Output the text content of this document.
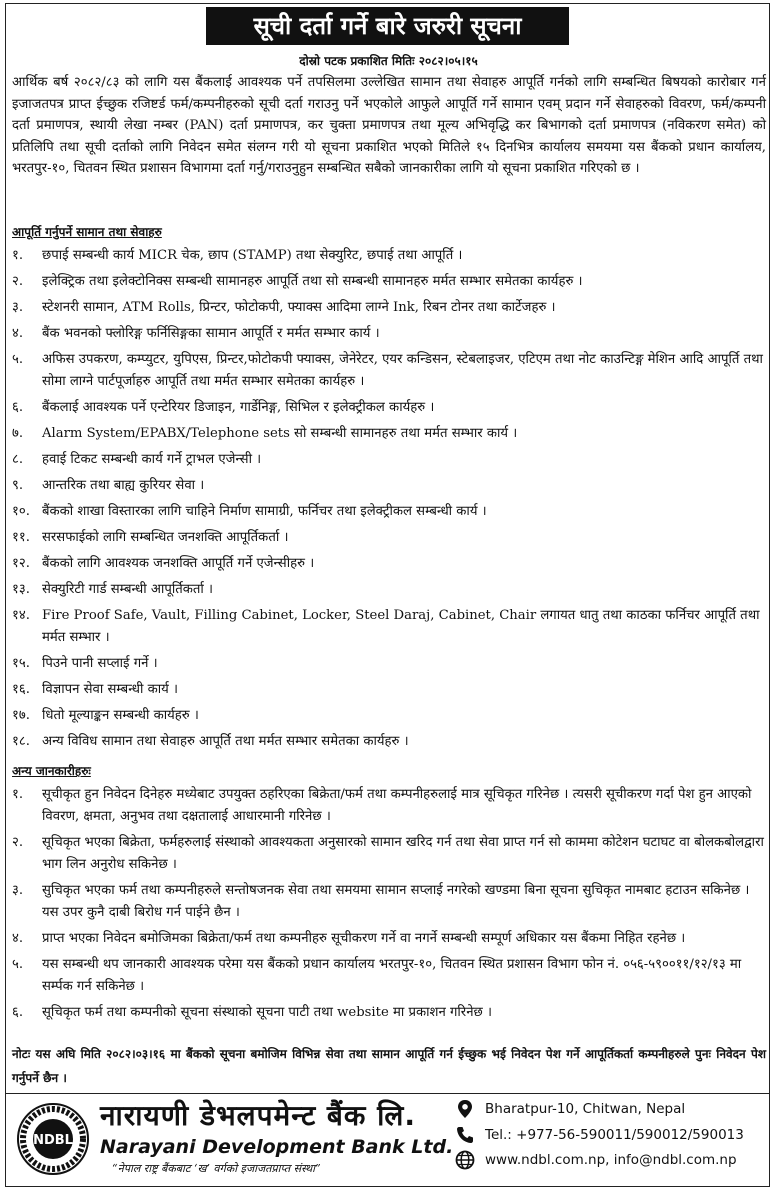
सूची दर्ता गर्ने बारे जरुरी सूचना
दोस्रो पटक प्रकाशित मितिः २०८२।०५।१५
आर्थिक बर्ष २०८२/८३ को लागि यस बैंकलाई आवश्यक पर्ने तपसिलमा उल्लेखित सामान तथा सेवाहरु आपूर्ति गर्नको लागि सम्बन्धित बिषयको कारोबार गर्न इजाजतपत्र प्राप्त ईच्छुक रजिष्टर्ड फर्म/कम्पनीहरुको सूची दर्ता गराउनु पर्ने भएकोले आफुले आपूर्ति गर्ने सामान एवम् प्रदान गर्ने सेवाहरुको विवरण, फर्म/कम्पनी दर्ता प्रमाणपत्र, स्थायी लेखा नम्बर (PAN) दर्ता प्रमाणपत्र, कर चुक्ता प्रमाणपत्र तथा मूल्य अभिवृद्धि कर बिभागको दर्ता प्रमाणपत्र (नविकरण समेत) को प्रतिलिपि तथा सूची दर्ताको लागि निवेदन समेत संलग्न गरी यो सूचना प्रकाशित भएको मितिले १५ दिनभित्र कार्यालय समयमा यस बैंकको प्रधान कार्यालय, भरतपुर-१०, चितवन स्थित प्रशासन विभागमा दर्ता गर्नु/गराउनुहुन सम्बन्धित सबैको जानकारीका लागि यो सूचना प्रकाशित गरिएको छ ।
आपूर्ति गर्नुपर्ने सामान तथा सेवाहरु
१. छपाई सम्बन्धी कार्य MICR चेक, छाप (STAMP) तथा सेक्युरिट, छपाई तथा आपूर्ति ।
२. इलेक्ट्रिक तथा इलेक्टोनिक्स सम्बन्धी सामानहरु आपूर्ति तथा सो सम्बन्धी सामानहरु मर्मत सम्भार समेतका कार्यहरु ।
३. स्टेशनरी सामान, ATM Rolls, प्रिन्टर, फोटोकपी, फ्याक्स आदिमा लाग्ने Ink, रिबन टोनर तथा कार्टेजहरु ।
४. बैंक भवनको फ्लोरिङ्ग फर्निसिङ्गका सामान आपूर्ति र मर्मत सम्भार कार्य ।
५. अफिस उपकरण, कम्प्युटर, युपिएस, प्रिन्टर,फोटोकपी फ्याक्स, जेनेरेटर, एयर कन्डिसन, स्टेबलाइजर, एटिएम तथा नोट काउन्टिङ्ग मेशिन आदि आपूर्ति तथा सोमा लाग्ने पार्टपूर्जाहरु आपूर्ति तथा मर्मत सम्भार समेतका कार्यहरु ।
६. बैंकलाई आवश्यक पर्ने एन्टेरियर डिजाइन, गार्डेनिङ्ग, सिभिल र इलेक्ट्रीकल कार्यहरु ।
७. Alarm System/EPABX/Telephone sets सो सम्बन्धी सामानहरु तथा मर्मत सम्भार कार्य ।
८. हवाई टिकट सम्बन्धी कार्य गर्ने ट्राभल एजेन्सी ।
९. आन्तरिक तथा बाह्य कुरियर सेवा ।
१०. बैंकको शाखा विस्तारका लागि चाहिने निर्माण सामाग्री, फर्निचर तथा इलेक्ट्रीकल सम्बन्धी कार्य ।
११. सरसफाईको लागि सम्बन्धित जनशक्ति आपूर्तिकर्ता ।
१२. बैंकको लागि आवश्यक जनशक्ति आपूर्ति गर्ने एजेन्सीहरु ।
१३. सेक्युरिटी गार्ड सम्बन्धी आपूर्तिकर्ता ।
१४. Fire Proof Safe, Vault, Filling Cabinet, Locker, Steel Daraj, Cabinet, Chair लगायत धातु तथा काठका फर्निचर आपूर्ति तथा मर्मत सम्भार ।
१५. पिउने पानी सप्लाई गर्ने ।
१६. विज्ञापन सेवा सम्बन्धी कार्य ।
१७. धितो मूल्याङ्कन सम्बन्धी कार्यहरु ।
१८. अन्य विविध सामान तथा सेवाहरु आपूर्ति तथा मर्मत सम्भार समेतका कार्यहरु ।
अन्य जानकारीहरुः
१. सूचीकृत हुन निवेदन दिनेहरु मध्येबाट उपयुक्त ठहरिएका बिक्रेता/फर्म तथा कम्पनीहरुलाई मात्र सूचिकृत गरिनेछ । त्यसरी सूचीकरण गर्दा पेश हुन आएको विवरण, क्षमता, अनुभव तथा दक्षतालाई आधारमानी गरिनेछ ।
२. सूचिकृत भएका बिक्रेता, फर्महरुलाई संस्थाको आवश्यकता अनुसारको सामान खरिद गर्न तथा सेवा प्राप्त गर्न सो काममा कोटेशन घटाघट वा बोलकबोलद्वारा भाग लिन अनुरोध सकिनेछ ।
३. सुचिकृत भएका फर्म तथा कम्पनीहरुले सन्तोषजनक सेवा तथा समयमा सामान सप्लाई नगरेको खण्डमा बिना सूचना सुचिकृत नामबाट हटाउन सकिनेछ । यस उपर कुनै दाबी बिरोध गर्न पाईने छैन ।
४. प्राप्त भएका निवेदन बमोजिमका बिक्रेता/फर्म तथा कम्पनीहरु सूचीकरण गर्ने वा नगर्ने सम्बन्धी सम्पूर्ण अधिकार यस बैंकमा निहित रहनेछ ।
५. यस सम्बन्धी थप जानकारी आवश्यक परेमा यस बैंकको प्रधान कार्यालय भरतपुर-१०, चितवन स्थित प्रशासन विभाग फोन नं. ०५६-५९००११/१२/१३ मा सर्म्पक गर्न सकिनेछ ।
६. सूचिकृत फर्म तथा कम्पनीको सूचना संस्थाको सूचना पाटी तथा website मा प्रकाशन गरिनेछ ।
नोटः यस अघि मिति २०८२।०३।१६ मा बैंकको सूचना बमोजिम विभिन्न सेवा तथा सामान आपूर्ति गर्न ईच्छुक भई निवेदन पेश गर्ने आपूर्तिकर्ता कम्पनीहरुले पुनः निवेदन पेश गर्नुपर्ने छैन ।
NDBL
नारायणी डेभलपमेन्ट बैंक लि.
Narayani Development Bank Ltd.
“नेपाल राष्ट्र बैंकबाट ‘ख’ वर्गको इजाजतप्राप्त संस्था”
Bharatpur-10, Chitwan, Nepal
Tel.: +977-56-590011/590012/590013
www.ndbl.com.np, info@ndbl.com.np
